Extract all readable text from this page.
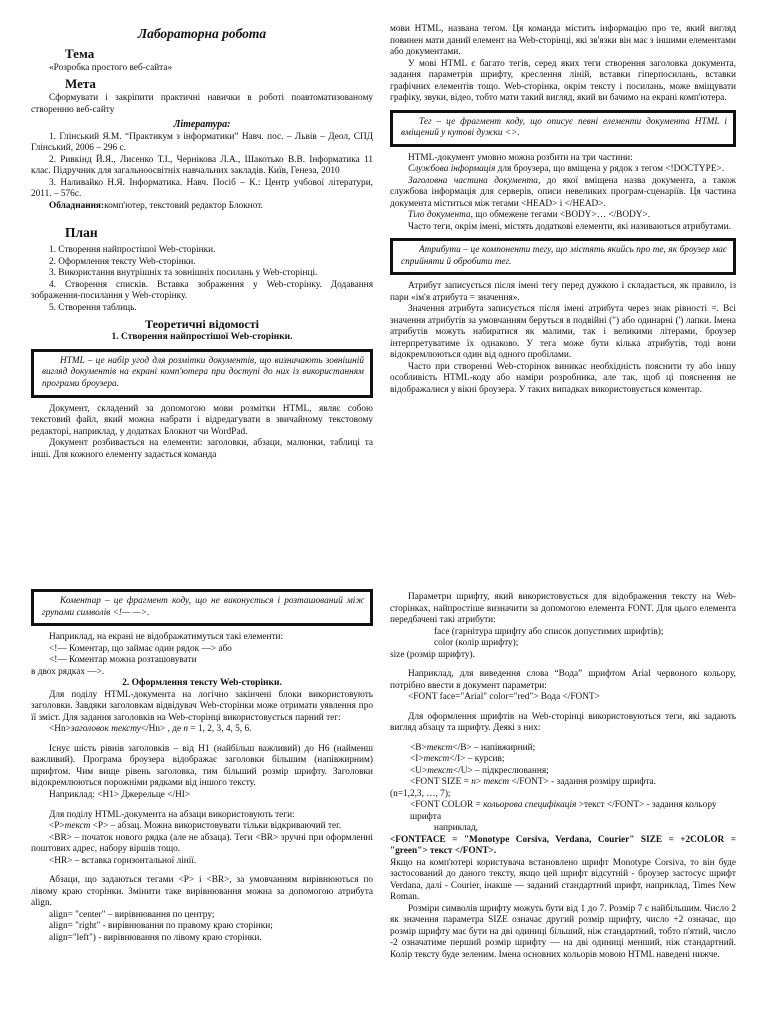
Лабораторна робота
Тема

«Розробка простого веб-сайта»

Мета

Сформувати і закріпити практичні навички в роботі поавтоматизованому створенню веб-сайту

Література:

1. Глінський Я.М. “Практикум з інформатики” Навч. пос. – Львів – Деол, СПД Глінський, 2006 – 296 с.

2. Ривкінд Й.Я., Лисенко Т.І., Чернікова Л.А., Шакотько В.В. Інформатика 11 клас. Підручник для загальноосвітніх навчальних закладів. Київ, Генеза, 2010

3. Наливайко Н.Я. Інформатика. Навч. Посіб – К.: Центр учбової літератури, 2011. – 576с.

Обладнання:комп'ютер, текстовий редактор Блокнот.

План

1. Створення найпростішої Web-сторінки.

2. Оформлення тексту Web-сторінки.

3. Використання внутрішніх та зовнішніх посилань у Web-сторінці.

4. Створення списків. Вставка зображення у Web-сторінку. Додавання зображення-посилання у Web-сторінку.

5. Створення таблиць.

Теоретичні відомості

1. Створення найпростішої Web-сторінки.

HTML – це набір угод для розмітки документів, що визначають зовнішній вигляд документів на екрані комп'ютера при доступі до них із використанням програми броузера.

Документ, складений за допомогою мови розмітки HTML, являє собою текстовий файл, який можна набрати і відредагувати в звичайному текстовому редакторі, наприклад, у додатках Блокнот чи WordPad.

Документ розбивається на елементи: заголовки, абзаци, малюнки, таблиці та інші. Для кожного елементу задається команда

мови HTML, названа тегом. Ця команда містить інформацію про те, який вигляд повинен мати даний елемент на Web-сторінці, які зв'язки він має з іншими елементами або документами.

У мові HTML є багато тегів, серед яких теги створення заголовка документа, задання параметрів шрифту, креслення ліній, вставки гіперпосилань, вставки графічних елементів тощо. Web-сторінка, окрім тексту і посилань, може вміщувати графіку, звуки, відео, тобто мати такий вигляд, який ви бачимо на екрані комп'ютера.

Тег – це фрагмент коду, що описує певні елементи документа HTML і вміщений у кутові дужки <>.

HTML-документ умовно можна розбити на три частини:

Службова інформація для броузера, що вміщена у рядок з тегом <!DOCTYPE>.

Заголовна частина документа, до якої вміщена назва документа, а також службова інформація для серверів, описи невеликих програм-сценаріїв. Ця частина документа міститься між тегами <HEAD> і </HEAD>.

Тіло документа, що обмежене тегами <BODY>… </BODY>.

Часто теги, окрім імені, містять додаткові елементи, які називаються атрибутами.

Атрибути – це компоненти тегу, що містять якийсь про те, як броузер має сприйняти й обробити тег.

Атрибут записується після імені тегу перед дужкою і складається, як правило, із пари «ім'я атрибута = значення».

Значення атрибута записується після імені атрибута через знак рівності =. Всі значення атрибутів за умовчанням беруться в подвійні (") або одинарні (') лапки. Імена атрибутів можуть набиратися як малими, так і великими літерами, броузер інтерпретуватиме їх однаково. У тега може бути кілька атрибутів, тоді вони відокремлюються один від одного пробілами.

Часто при створенні Web-сторінок виникає необхідність пояснити ту або іншу особливість HTML-коду або наміри розробника, але так, щоб ці пояснення не відображалися у вікні броузера. У таких випадках використовується коментар.

Коментар – це фрагмент коду, що не виконується і розташований між групами символів <!— —>.

Наприклад, на екрані не відображатимуться такі елементи:

<!— Коментар, що займає один рядок —> або

<!— Коментар можна розташовувати

в двох рядках —>.

2. Оформлення тексту Web-сторінки.

Для поділу HTML-документа на логічно закінчені блоки використовують заголовки. Завдяки заголовкам відвідувач Web-сторінки може отримати уявлення про її зміст. Для задання заголовків на Web-сторінці використовується парний тег:

<Hn>заголовок тексту</Hn> , де n = 1, 2, 3, 4, 5, 6.

Існує шість рівнів заголовків – від H1 (найбільш важливий) до H6 (найменш важливий). Програма броузера відображає заголовки більшим (напівжирним) шрифтом. Чим вище рівень заголовка, тим більший розмір шрифту. Заголовки відокремлюються порожніми рядками від іншого тексту.

Наприклад: <H1> Джерельце </HI>

Для поділу HTML-документа на абзаци використовують теги:

<P>текст <P> – абзац. Можна використовувати тільки відкриваючий тег.

<BR> – початок нового рядка (але не абзаца). Теги <BR> зручні при оформленні поштових адрес, набору віршів тощо.

<HR> – вставка горизонтальної лінії.

Абзаци, що задаються тегами <P> і <BR>, за умовчанням вирівнюються по лівому краю сторінки. Змінити таке вирівнювання можна за допомогою атрибута align.

align= "center" – вирівнювання по центру;

align= "right" - вирівнювання по правому краю сторінки;

align="left") - вирівнювання по лівому краю сторінки.

Параметри шрифту, який використовується для відображення тексту на Web-сторінках, найпростіше визначити за допомогою елемента FONT. Для цього елемента передбачені такі атрибути:

face (гарнітура шрифту або список допустимих шрифтів);

color (колір шрифту);

size (розмір шрифту).

Наприклад, для виведення слова “Вода” шрифтом Arial червоного кольору, потрібно ввести в документ параметри:

<FONT face="Arial" color="red"> Вода </FONT>

Для оформлення шрифтів на Web-сторінці використовуються теги, які задають вигляд абзацу та шрифту. Деякі з них:

<B>текст</B> – напівжирний;

<I>текст</I> – курсив;

<U>текст</U> – підкреслювання;

<FONT SIZE = n> текст </FONT> - задання розміру шрифта.

(n=1,2,3, …, 7);

<FONT COLOR = кольорова специфікація >текст </FONT> - задання кольору шрифта

наприклад,

<FONTFACE = "Monotype Corsiva, Verdana, Courier" SIZE = +2COLOR = "green"> текст </FONT>.

Якщо на комп'ютері користувача встановлено шрифт Monotype Corsiva, то він буде застосований до даного тексту, якщо цей шрифт відсутній - броузер застосує шрифт Verdana, далі - Courier, інакше — заданий стандартний шрифт, наприклад, Times New Roman.

Розміри символів шрифту можуть бути від 1 до 7. Розмір 7 є найбільшим. Число 2 як значення параметра SIZE означає другий розмір шрифту, число +2 означає, що розмір шрифту має бути на дві одиниці більший, ніж стандартний, тобто п'ятий, число -2 означатиме перший розмір шрифту — на дві одиниці менший, ніж стандартний. Колір тексту буде зеленим. Імена основних кольорів мовою HTML наведені нижче.
